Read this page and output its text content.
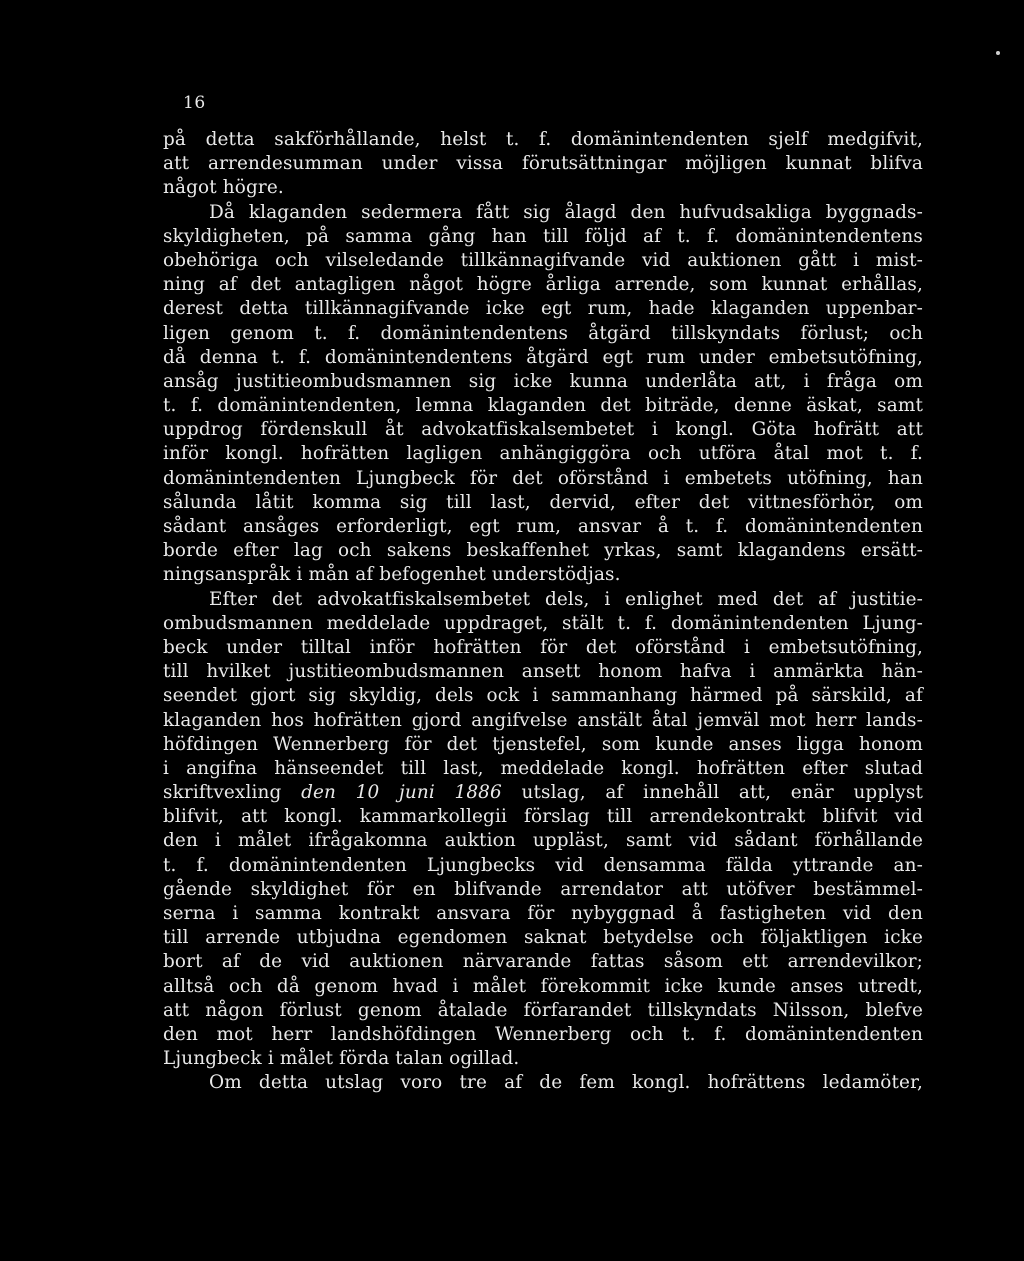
16
på detta sakförhållande, helst t. f. domänintendenten sjelf medgifvit,
att arrendesumman under vissa förutsättningar möjligen kunnat blifva
något högre.
Då klaganden sedermera fått sig ålagd den hufvudsakliga byggnads-
skyldigheten, på samma gång han till följd af t. f. domänintendentens
obehöriga och vilseledande tillkännagifvande vid auktionen gått i mist-
ning af det antagligen något högre årliga arrende, som kunnat erhållas,
derest detta tillkännagifvande icke egt rum, hade klaganden uppenbar-
ligen genom t. f. domänintendentens åtgärd tillskyndats förlust; och
då denna t. f. domänintendentens åtgärd egt rum under embetsutöfning,
ansåg justitieombudsmannen sig icke kunna underlåta att, i fråga om
t. f. domänintendenten, lemna klaganden det biträde, denne äskat, samt
uppdrog fördenskull åt advokatfiskalsembetet i kongl. Göta hofrätt att
inför kongl. hofrätten lagligen anhängiggöra och utföra åtal mot t. f.
domänintendenten Ljungbeck för det oförstånd i embetets utöfning, han
sålunda låtit komma sig till last, dervid, efter det vittnesförhör, om
sådant ansåges erforderligt, egt rum, ansvar å t. f. domänintendenten
borde efter lag och sakens beskaffenhet yrkas, samt klagandens ersätt-
ningsanspråk i mån af befogenhet understödjas.
Efter det advokatfiskalsembetet dels, i enlighet med det af justitie-
ombudsmannen meddelade uppdraget, stält t. f. domänintendenten Ljung-
beck under tilltal inför hofrätten för det oförstånd i embetsutöfning,
till hvilket justitieombudsmannen ansett honom hafva i anmärkta hän-
seendet gjort sig skyldig, dels ock i sammanhang härmed på särskild, af
klaganden hos hofrätten gjord angifvelse anstält åtal jemväl mot herr lands-
höfdingen Wennerberg för det tjenstefel, som kunde anses ligga honom
i angifna hänseendet till last, meddelade kongl. hofrätten efter slutad
skriftvexling den 10 juni 1886 utslag, af innehåll att, enär upplyst
blifvit, att kongl. kammarkollegii förslag till arrendekontrakt blifvit vid
den i målet ifrågakomna auktion uppläst, samt vid sådant förhållande
t. f. domänintendenten Ljungbecks vid densamma fälda yttrande an-
gående skyldighet för en blifvande arrendator att utöfver bestämmel-
serna i samma kontrakt ansvara för nybyggnad å fastigheten vid den
till arrende utbjudna egendomen saknat betydelse och följaktligen icke
bort af de vid auktionen närvarande fattas såsom ett arrendevilkor;
alltså och då genom hvad i målet förekommit icke kunde anses utredt,
att någon förlust genom åtalade förfarandet tillskyndats Nilsson, blefve
den mot herr landshöfdingen Wennerberg och t. f. domänintendenten
Ljungbeck i målet förda talan ogillad.
Om detta utslag voro tre af de fem kongl. hofrättens ledamöter,
